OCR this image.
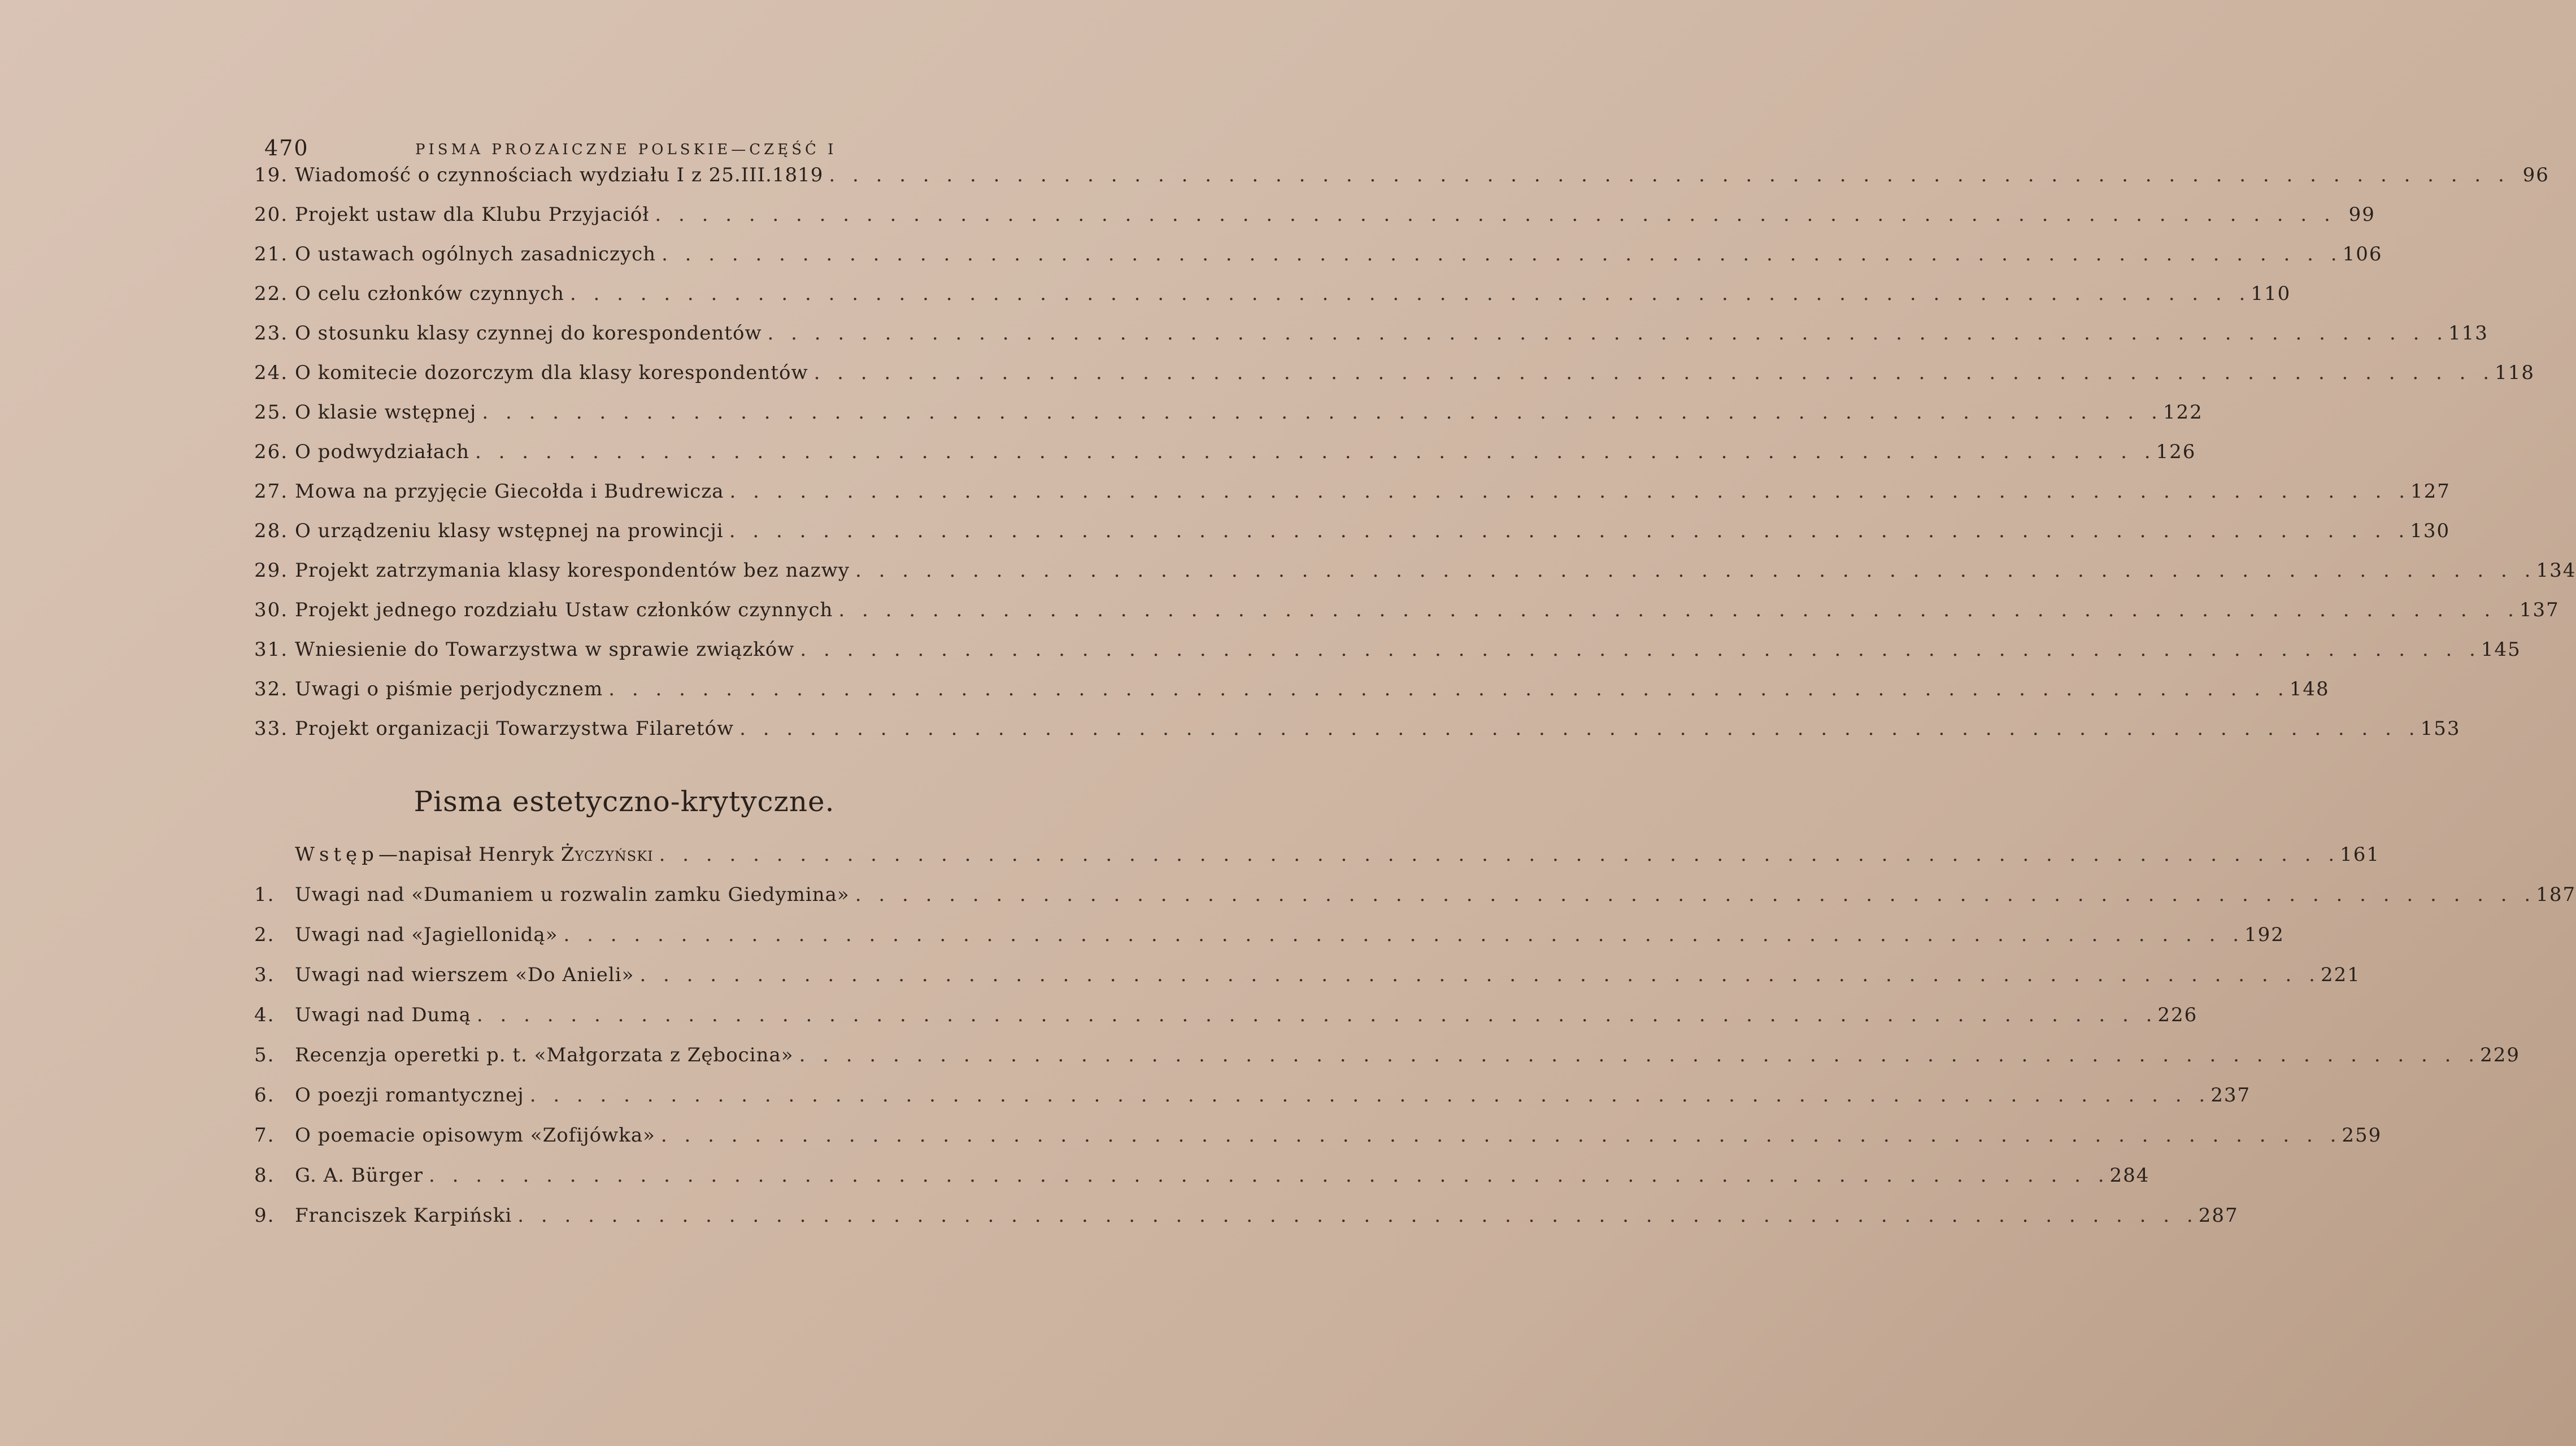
470	PISMA PROZAICZNE POLSKIE—CZĘŚĆ I
19. Wiadomość o czynnościach wydziału I z 25.III.1819 . . .	96
20. Projekt ustaw dla Klubu Przyjaciół . . .	99
21. O ustawach ogólnych zasadniczych . . .	106
22. O celu członków czynnych . . .	110
23. O stosunku klasy czynnej do korespondentów . . .	113
24. O komitecie dozorczym dla klasy korespondentów . . .	118
25. O klasie wstępnej . . .	122
26. O podwydziałach . . .	126
27. Mowa na przyjęcie Giecołda i Budrewicza . . .	127
28. O urządzeniu klasy wstępnej na prowincji . . .	130
29. Projekt zatrzymania klasy korespondentów bez nazwy . . .	134
30. Projekt jednego rozdziału Ustaw członków czynnych . . .	137
31. Wniesienie do Towarzystwa w sprawie związków . . .	145
32. Uwagi o piśmie perjodycznem . . .	148
33. Projekt organizacji Towarzystwa Filaretów . . .	153
Pisma estetyczno-krytyczne.
Wstęp—napisał Henryk Życzyński . . .	161
1.	Uwagi nad «Dumaniem u rozwalin zamku Giedymina» . . .	187
2.	Uwagi nad «Jagiellonidą» . . .	192
3.	Uwagi nad wierszem «Do Anieli» . . .	221
4.	Uwagi nad Dumą . . .	226
5.	Recenzja operetki p. t. «Małgorzata z Zębocina» . . .	229
6.	O poezji romantycznej . . .	237
7.	O poemacie opisowym «Zofijówka» . . .	259
8.	G. A. Bürger . . .	284
9.	Franciszek Karpiński . . .	287
